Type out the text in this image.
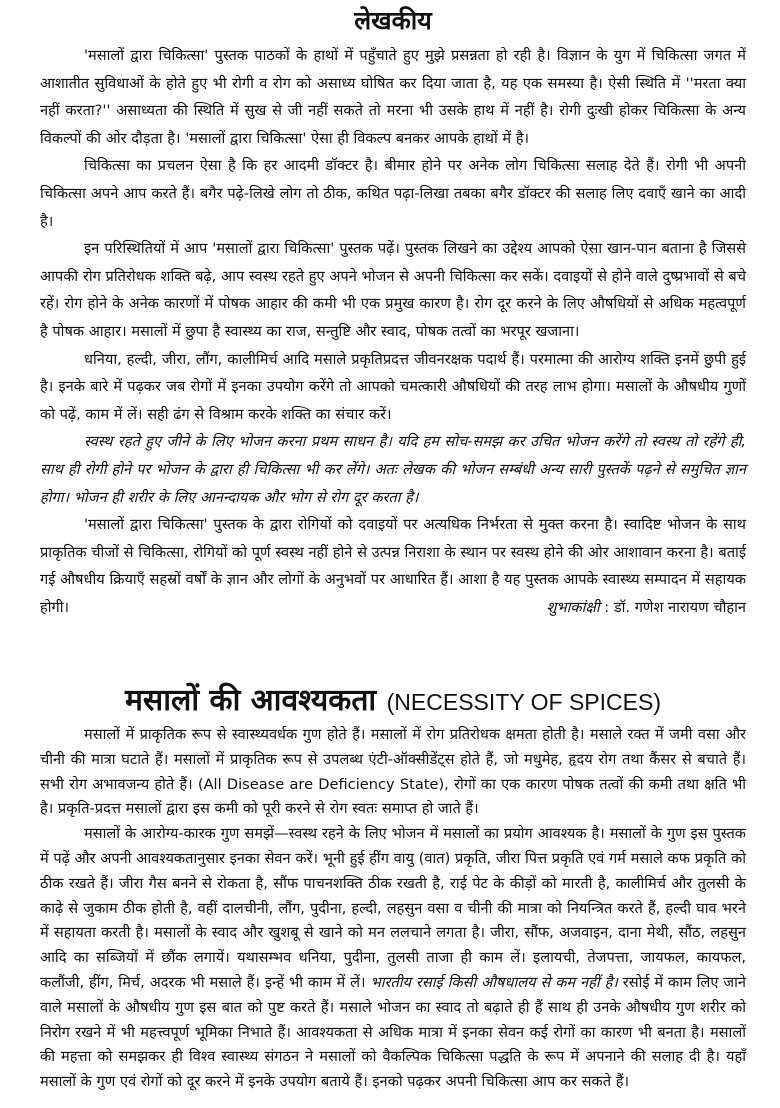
लेखकीय

'मसालों द्वारा चिकित्सा' पुस्तक पाठकों के हाथों में पहुँचाते हुए मुझे प्रसन्नता हो रही है। विज्ञान के युग में चिकित्सा जगत में आशातीत सुविधाओं के होते हुए भी रोगी व रोग को असाध्य घोषित कर दिया जाता है, यह एक समस्या है। ऐसी स्थिति में ''मरता क्या नहीं करता?'' असाध्यता की स्थिति में सुख से जी नहीं सकते तो मरना भी उसके हाथ में नहीं है। रोगी दुःखी होकर चिकित्सा के अन्य विकल्पों की ओर दौड़ता है। 'मसालों द्वारा चिकित्सा' ऐसा ही विकल्प बनकर आपके हाथों में है।

चिकित्सा का प्रचलन ऐसा है कि हर आदमी डॉक्टर है। बीमार होने पर अनेक लोग चिकित्सा सलाह देते हैं। रोगी भी अपनी चिकित्सा अपने आप करते हैं। बगैर पढ़े-लिखे लोग तो ठीक, कथित पढ़ा-लिखा तबका बगैर डॉक्टर की सलाह लिए दवाएँ खाने का आदी है।

इन परिस्थितियों में आप 'मसालों द्वारा चिकित्सा' पुस्तक पढ़ें। पुस्तक लिखने का उद्देश्य आपको ऐसा खान-पान बताना है जिससे आपकी रोग प्रतिरोधक शक्ति बढ़े, आप स्वस्थ रहते हुए अपने भोजन से अपनी चिकित्सा कर सकें। दवाइयों से होने वाले दुष्प्रभावों से बचे रहें। रोग होने के अनेक कारणों में पोषक आहार की कमी भी एक प्रमुख कारण है। रोग दूर करने के लिए औषधियों से अधिक महत्वपूर्ण है पोषक आहार। मसालों में छुपा है स्वास्थ्य का राज, सन्तुष्टि और स्वाद, पोषक तत्वों का भरपूर खजाना।

धनिया, हल्दी, जीरा, लौंग, कालीमिर्च आदि मसाले प्रकृतिप्रदत्त जीवनरक्षक पदार्थ हैं। परमात्मा की आरोग्य शक्ति इनमें छुपी हुई है। इनके बारे में पढ़कर जब रोगों में इनका उपयोग करेंगे तो आपको चमत्कारी औषधियों की तरह लाभ होगा। मसालों के औषधीय गुणों को पढ़ें, काम में लें। सही ढंग से विश्राम करके शक्ति का संचार करें।

स्वस्थ रहते हुए जीने के लिए भोजन करना प्रथम साधन है। यदि हम सोच-समझ कर उचित भोजन करेंगे तो स्वस्थ तो रहेंगे ही, साथ ही रोगी होने पर भोजन के द्वारा ही चिकित्सा भी कर लेंगे। अतः लेखक की भोजन सम्बंधी अन्य सारी पुस्तकें पढ़ने से समुचित ज्ञान होगा। भोजन ही शरीर के लिए आनन्दायक और भोग से रोग दूर करता है।

'मसालों द्वारा चिकित्सा' पुस्तक के द्वारा रोगियों को दवाइयों पर अत्यधिक निर्भरता से मुक्त करना है। स्वादिष्ट भोजन के साथ प्राकृतिक चीजों से चिकित्सा, रोगियों को पूर्ण स्वस्थ नहीं होने से उत्पन्न निराशा के स्थान पर स्वस्थ होने की ओर आशावान करना है। बताई गई औषधीय क्रियाएँ सहस्रों वर्षों के ज्ञान और लोगों के अनुभवों पर आधारित हैं। आशा है यह पुस्तक आपके स्वास्थ्य सम्पादन में सहायक होगी।	शुभाकांक्षी : डॉ. गणेश नारायण चौहान
मसालों की आवश्यकता (NECESSITY OF SPICES)

मसालों में प्राकृतिक रूप से स्वास्थ्यवर्धक गुण होते हैं। मसालों में रोग प्रतिरोधक क्षमता होती है। मसाले रक्त में जमी वसा और चीनी की मात्रा घटाते हैं। मसालों में प्राकृतिक रूप से उपलब्ध एंटी-ऑक्सीडेंट्स होते हैं, जो मधुमेह, हृदय रोग तथा कैंसर से बचाते हैं। सभी रोग अभावजन्य होते हैं। (All Disease are Deficiency State), रोगों का एक कारण पोषक तत्वों की कमी तथा क्षति भी है। प्रकृति-प्रदत्त मसालों द्वारा इस कमी को पूरी करने से रोग स्वतः समाप्त हो जाते हैं।

मसालों के आरोग्य-कारक गुण समझें—स्वस्थ रहने के लिए भोजन में मसालों का प्रयोग आवश्यक है। मसालों के गुण इस पुस्तक में पढ़ें और अपनी आवश्यकतानुसार इनका सेवन करें। भूनी हुई हींग वायु (वात) प्रकृति, जीरा पित्त प्रकृति एवं गर्म मसाले कफ प्रकृति को ठीक रखते हैं। जीरा गैस बनने से रोकता है, सौंफ पाचनशक्ति ठीक रखती है, राई पेट के कीड़ों को मारती है, कालीमिर्च और तुलसी के काढ़े से जुकाम ठीक होती है, वहीं दालचीनी, लौंग, पुदीना, हल्दी, लहसुन वसा व चीनी की मात्रा को नियन्त्रित करते हैं, हल्दी घाव भरने में सहायता करती है। मसालों के स्वाद और खुशबू से खाने को मन ललचाने लगता है। जीरा, सौंफ, अजवाइन, दाना मेथी, सौंठ, लहसुन आदि का सब्जियों में छौंक लगायें। यथासम्भव धनिया, पुदीना, तुलसी ताजा ही काम लें। इलायची, तेजपत्ता, जायफल, कायफल, कलौंजी, हींग, मिर्च, अदरक भी मसाले हैं। इन्हें भी काम में लें। भारतीय रसाई किसी औषधालय से कम नहीं है। रसोई में काम लिए जाने वाले मसालों के औषधीय गुण इस बात को पुष्ट करते हैं। मसाले भोजन का स्वाद तो बढ़ाते ही हैं साथ ही उनके औषधीय गुण शरीर को निरोग रखने में भी महत्त्वपूर्ण भूमिका निभाते हैं। आवश्यकता से अधिक मात्रा में इनका सेवन कई रोगों का कारण भी बनता है। मसालों की महत्ता को समझकर ही विश्व स्वास्थ्य संगठन ने मसालों को वैकल्पिक चिकित्सा पद्धति के रूप में अपनाने की सलाह दी है। यहाँ मसालों के गुण एवं रोगों को दूर करने में इनके उपयोग बताये हैं। इनको पढ़कर अपनी चिकित्सा आप कर सकते हैं।
